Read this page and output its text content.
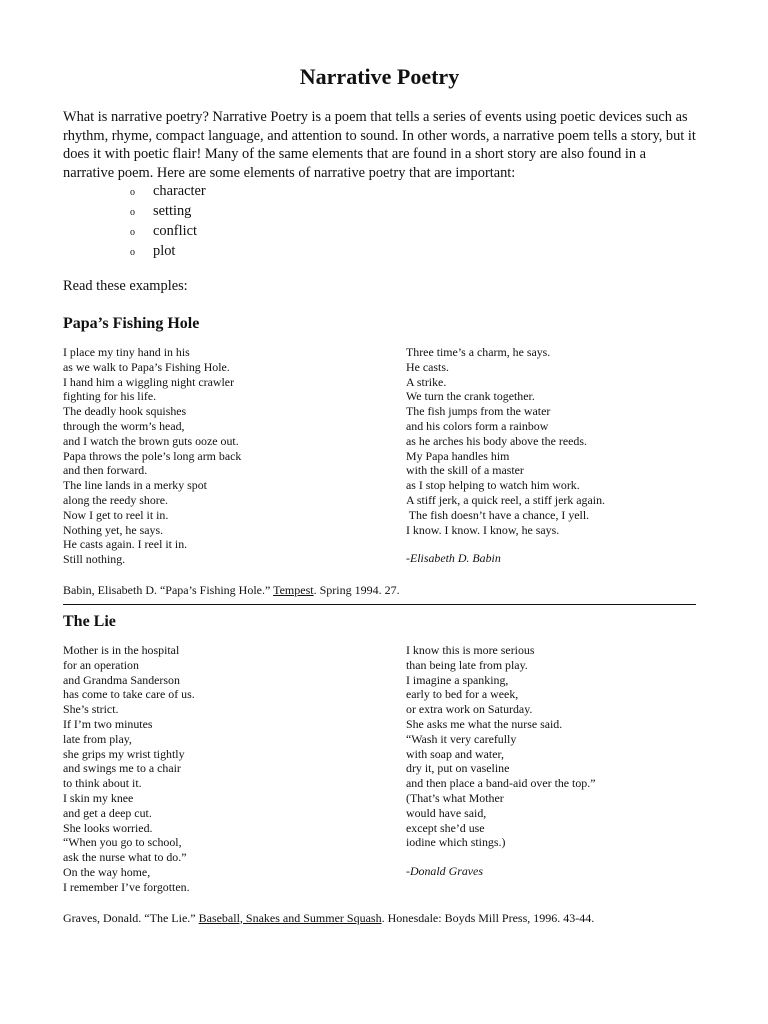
Narrative Poetry

What is narrative poetry? Narrative Poetry is a poem that tells a series of events using poetic devices such as rhythm, rhyme, compact language, and attention to sound. In other words, a narrative poem tells a story, but it does it with poetic flair! Many of the same elements that are found in a short story are also found in a narrative poem. Here are some elements of narrative poetry that are important:

o	character
o	setting
o	conflict
o	plot

Read these examples:

Papa’s Fishing Hole
I place my tiny hand in his
as we walk to Papa’s Fishing Hole.
I hand him a wiggling night crawler
fighting for his life.
The deadly hook squishes
through the worm’s head,
and I watch the brown guts ooze out.
Papa throws the pole’s long arm back
and then forward.
The line lands in a merky spot
along the reedy shore.
Now I get to reel it in.
Nothing yet, he says.
He casts again. I reel it in.
Still nothing.
Three time’s a charm, he says.
He casts.
A strike.
We turn the crank together.
The fish jumps from the water
and his colors form a rainbow
as he arches his body above the reeds.
My Papa handles him
with the skill of a master
as I stop helping to watch him work.
A stiff jerk, a quick reel, a stiff jerk again.
The fish doesn’t have a chance, I yell.
I know. I know. I know, he says.
-Elisabeth D. Babin

Babin, Elisabeth D. “Papa’s Fishing Hole.” Tempest. Spring 1994. 27.

The Lie
Mother is in the hospital
for an operation
and Grandma Sanderson
has come to take care of us.
She’s strict.
If I’m two minutes
late from play,
she grips my wrist tightly
and swings me to a chair
to think about it.
I skin my knee
and get a deep cut.
She looks worried.
“When you go to school,
ask the nurse what to do.”
On the way home,
I remember I’ve forgotten.
I know this is more serious
than being late from play.
I imagine a spanking,
early to bed for a week,
or extra work on Saturday.
She asks me what the nurse said.
“Wash it very carefully
with soap and water,
dry it, put on vaseline
and then place a band-aid over the top.”
(That’s what Mother
would have said,
except she’d use
iodine which stings.)
-Donald Graves

Graves, Donald. “The Lie.” Baseball, Snakes and Summer Squash. Honesdale: Boyds Mill Press, 1996. 43-44.
